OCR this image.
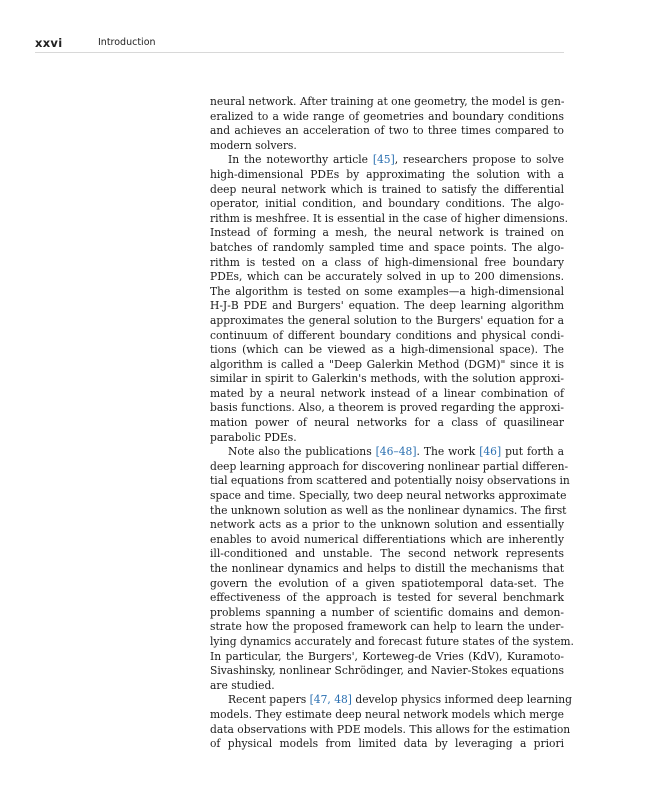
xxvi	Introduction
neural network. After training at one geometry, the model is gen-
eralized to a wide range of geometries and boundary conditions
and achieves an acceleration of two to three times compared to
modern solvers.
In the noteworthy article [45], researchers propose to solve
high-dimensional PDEs by approximating the solution with a
deep neural network which is trained to satisfy the differential
operator, initial condition, and boundary conditions. The algo-
rithm is meshfree. It is essential in the case of higher dimensions.
Instead of forming a mesh, the neural network is trained on
batches of randomly sampled time and space points. The algo-
rithm is tested on a class of high-dimensional free boundary
PDEs, which can be accurately solved in up to 200 dimensions.
The algorithm is tested on some examples—a high-dimensional
H-J-B PDE and Burgers' equation. The deep learning algorithm
approximates the general solution to the Burgers' equation for a
continuum of different boundary conditions and physical condi-
tions (which can be viewed as a high-dimensional space). The
algorithm is called a "Deep Galerkin Method (DGM)" since it is
similar in spirit to Galerkin's methods, with the solution approxi-
mated by a neural network instead of a linear combination of
basis functions. Also, a theorem is proved regarding the approxi-
mation power of neural networks for a class of quasilinear
parabolic PDEs.
Note also the publications [46–48]. The work [46] put forth a
deep learning approach for discovering nonlinear partial differen-
tial equations from scattered and potentially noisy observations in
space and time. Specially, two deep neural networks approximate
the unknown solution as well as the nonlinear dynamics. The first
network acts as a prior to the unknown solution and essentially
enables to avoid numerical differentiations which are inherently
ill-conditioned and unstable. The second network represents
the nonlinear dynamics and helps to distill the mechanisms that
govern the evolution of a given spatiotemporal data-set. The
effectiveness of the approach is tested for several benchmark
problems spanning a number of scientific domains and demon-
strate how the proposed framework can help to learn the under-
lying dynamics accurately and forecast future states of the system.
In particular, the Burgers', Korteweg-de Vries (KdV), Kuramoto-
Sivashinsky, nonlinear Schrödinger, and Navier-Stokes equations
are studied.
Recent papers [47, 48] develop physics informed deep learning
models. They estimate deep neural network models which merge
data observations with PDE models. This allows for the estimation
of physical models from limited data by leveraging a priori
